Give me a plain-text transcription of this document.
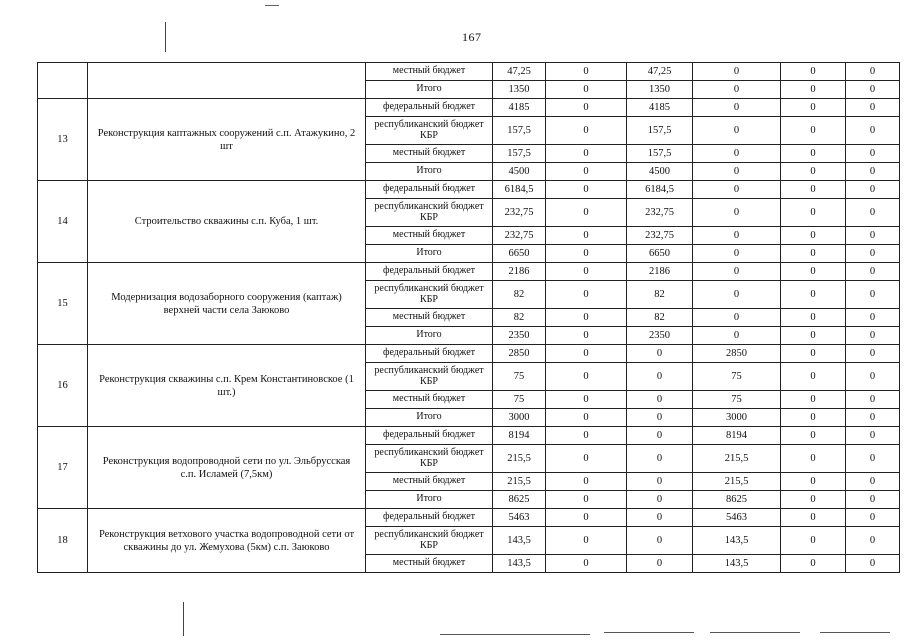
167
		местный бюджет	47,25	0	47,25	0	0	0
		Итого	1350	0	1350	0	0	0
13	Реконструкция каптажных сооружений с.п. Атажукино, 2 шт	федеральный бюджет	4185	0	4185	0	0	0
		республиканский бюджет КБР	157,5	0	157,5	0	0	0
		местный бюджет	157,5	0	157,5	0	0	0
		Итого	4500	0	4500	0	0	0
14	Строительство скважины с.п. Куба, 1 шт.	федеральный бюджет	6184,5	0	6184,5	0	0	0
		республиканский бюджет КБР	232,75	0	232,75	0	0	0
		местный бюджет	232,75	0	232,75	0	0	0
		Итого	6650	0	6650	0	0	0
15	Модернизация водозаборного сооружения (каптаж) верхней части села Заюково	федеральный бюджет	2186	0	2186	0	0	0
		республиканский бюджет КБР	82	0	82	0	0	0
		местный бюджет	82	0	82	0	0	0
		Итого	2350	0	2350	0	0	0
16	Реконструкция скважины с.п. Крем Константиновское (1 шт.)	федеральный бюджет	2850	0	0	2850	0	0
		республиканский бюджет КБР	75	0	0	75	0	0
		местный бюджет	75	0	0	75	0	0
		Итого	3000	0	0	3000	0	0
17	Реконструкция водопроводной сети по ул. Эльбрусская с.п. Исламей (7,5км)	федеральный бюджет	8194	0	0	8194	0	0
		республиканский бюджет КБР	215,5	0	0	215,5	0	0
		местный бюджет	215,5	0	0	215,5	0	0
		Итого	8625	0	0	8625	0	0
18	Реконструкция ветхового участка водопроводной сети от скважины до ул. Жемухова (5км) с.п. Заюково	федеральный бюджет	5463	0	0	5463	0	0
		республиканский бюджет КБР	143,5	0	0	143,5	0	0
		местный бюджет	143,5	0	0	143,5	0	0
